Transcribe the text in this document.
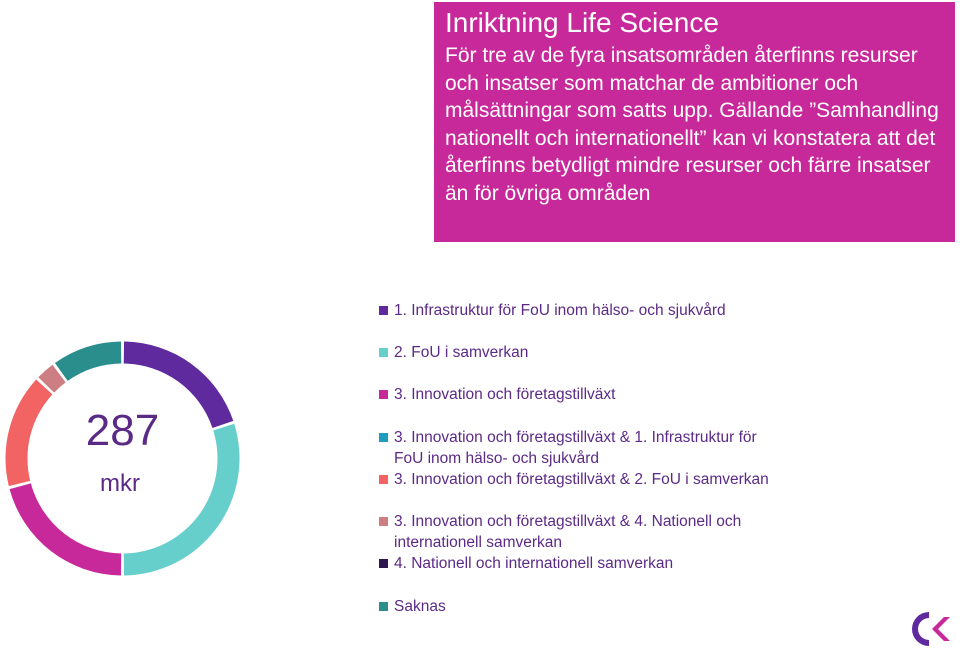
Inriktning Life Science
För tre av de fyra insatsområden återfinns resurser och insatser som matchar de ambitioner och målsättningar som satts upp. Gällande ”Samhandling nationellt och internationellt” kan vi konstatera att det återfinns betydligt mindre resurser och färre insatser än för övriga områden
287
mkr
1. Infrastruktur för FoU inom hälso- och sjukvård
2. FoU i samverkan
3. Innovation och företagstillväxt
3. Innovation och företagstillväxt & 1. Infrastruktur för FoU inom hälso- och sjukvård
3. Innovation och företagstillväxt & 2. FoU i samverkan
3. Innovation och företagstillväxt & 4. Nationell och internationell samverkan
4. Nationell och internationell samverkan
Saknas
